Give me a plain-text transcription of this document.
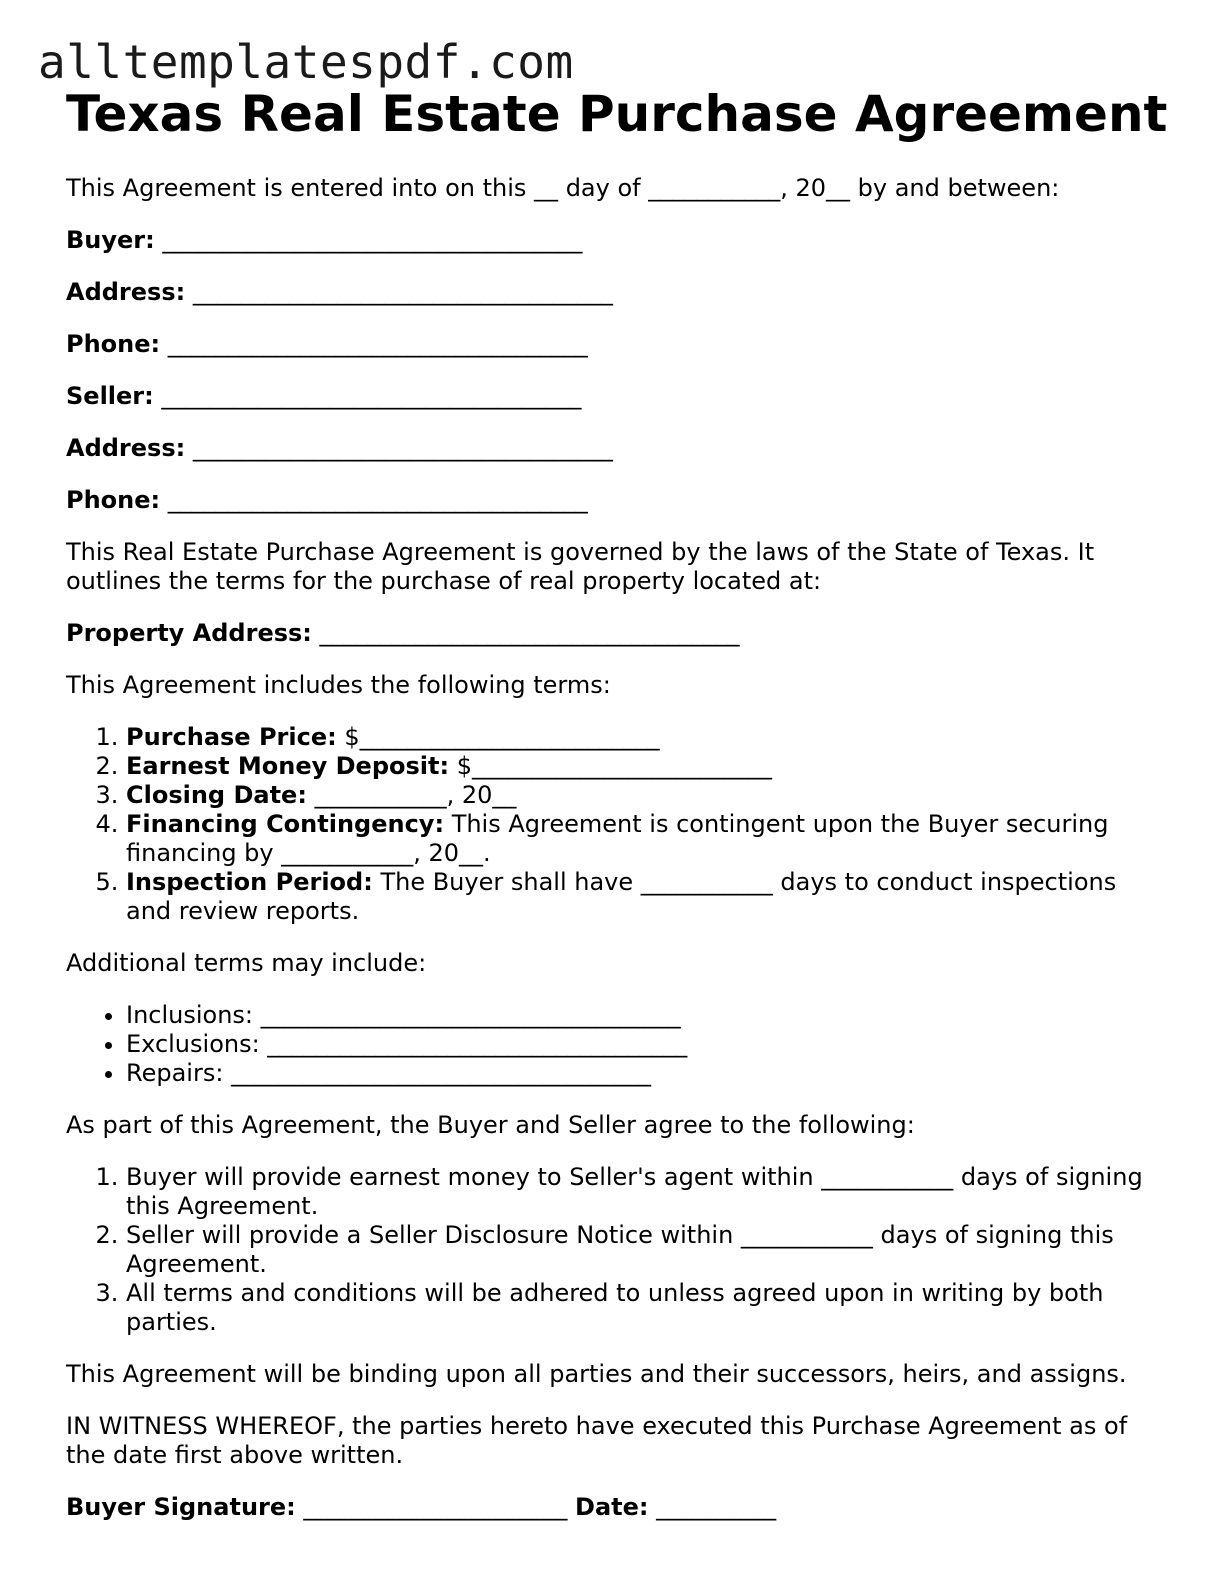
alltemplatespdf.com
Texas Real Estate Purchase Agreement

This Agreement is entered into on this __ day of ___________, 20__ by and between:

Buyer: ___________________________________

Address: ___________________________________

Phone: ___________________________________

Seller: ___________________________________

Address: ___________________________________

Phone: ___________________________________

This Real Estate Purchase Agreement is governed by the laws of the State of Texas. It outlines the terms for the purchase of real property located at:

Property Address: ___________________________________

This Agreement includes the following terms:

1. Purchase Price: $_________________________
2. Earnest Money Deposit: $_________________________
3. Closing Date: ___________, 20__
4. Financing Contingency: This Agreement is contingent upon the Buyer securing financing by ___________, 20__.
5. Inspection Period: The Buyer shall have ___________ days to conduct inspections and review reports.

Additional terms may include:

• Inclusions: ___________________________________
• Exclusions: ___________________________________
• Repairs: ___________________________________

As part of this Agreement, the Buyer and Seller agree to the following:

1. Buyer will provide earnest money to Seller's agent within ___________ days of signing this Agreement.
2. Seller will provide a Seller Disclosure Notice within ___________ days of signing this Agreement.
3. All terms and conditions will be adhered to unless agreed upon in writing by both parties.

This Agreement will be binding upon all parties and their successors, heirs, and assigns.

IN WITNESS WHEREOF, the parties hereto have executed this Purchase Agreement as of the date first above written.

Buyer Signature: ______________________ Date: __________
